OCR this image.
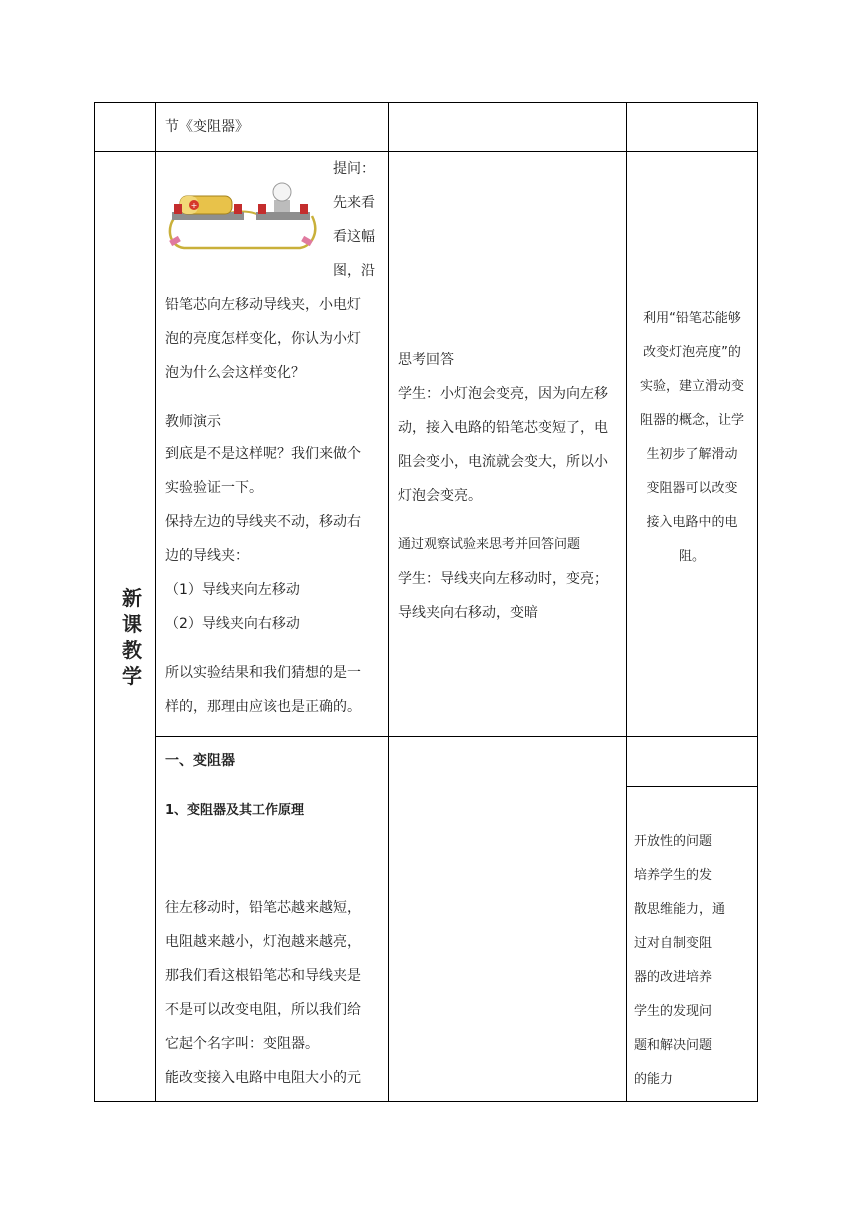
节《变阻器》
新课教学
+
提问：
先来看
看这幅
图，沿
铅笔芯向左移动导线夹，小电灯
泡的亮度怎样变化，你认为小灯
泡为什么会这样变化？
教师演示
到底是不是这样呢？我们来做个
实验验证一下。
保持左边的导线夹不动，移动右
边的导线夹：
（1）导线夹向左移动
（2）导线夹向右移动
所以实验结果和我们猜想的是一
样的，那理由应该也是正确的。
思考回答
学生：小灯泡会变亮，因为向左移
动，接入电路的铅笔芯变短了，电
阻会变小，电流就会变大，所以小
灯泡会变亮。
通过观察试验来思考并回答问题
学生：导线夹向左移动时，变亮；
导线夹向右移动，变暗
利用“铅笔芯能够
改变灯泡亮度”的
实验，建立滑动变
阻器的概念，让学
生初步了解滑动
变阻器可以改变
接入电路中的电
阻。
一、变阻器
1、变阻器及其工作原理
往左移动时，铅笔芯越来越短，
电阻越来越小，灯泡越来越亮，
那我们看这根铅笔芯和导线夹是
不是可以改变电阻，所以我们给
它起个名字叫：变阻器。
能改变接入电路中电阻大小的元
开放性的问题
培养学生的发
散思维能力，通
过对自制变阻
器的改进培养
学生的发现问
题和解决问题
的能力
